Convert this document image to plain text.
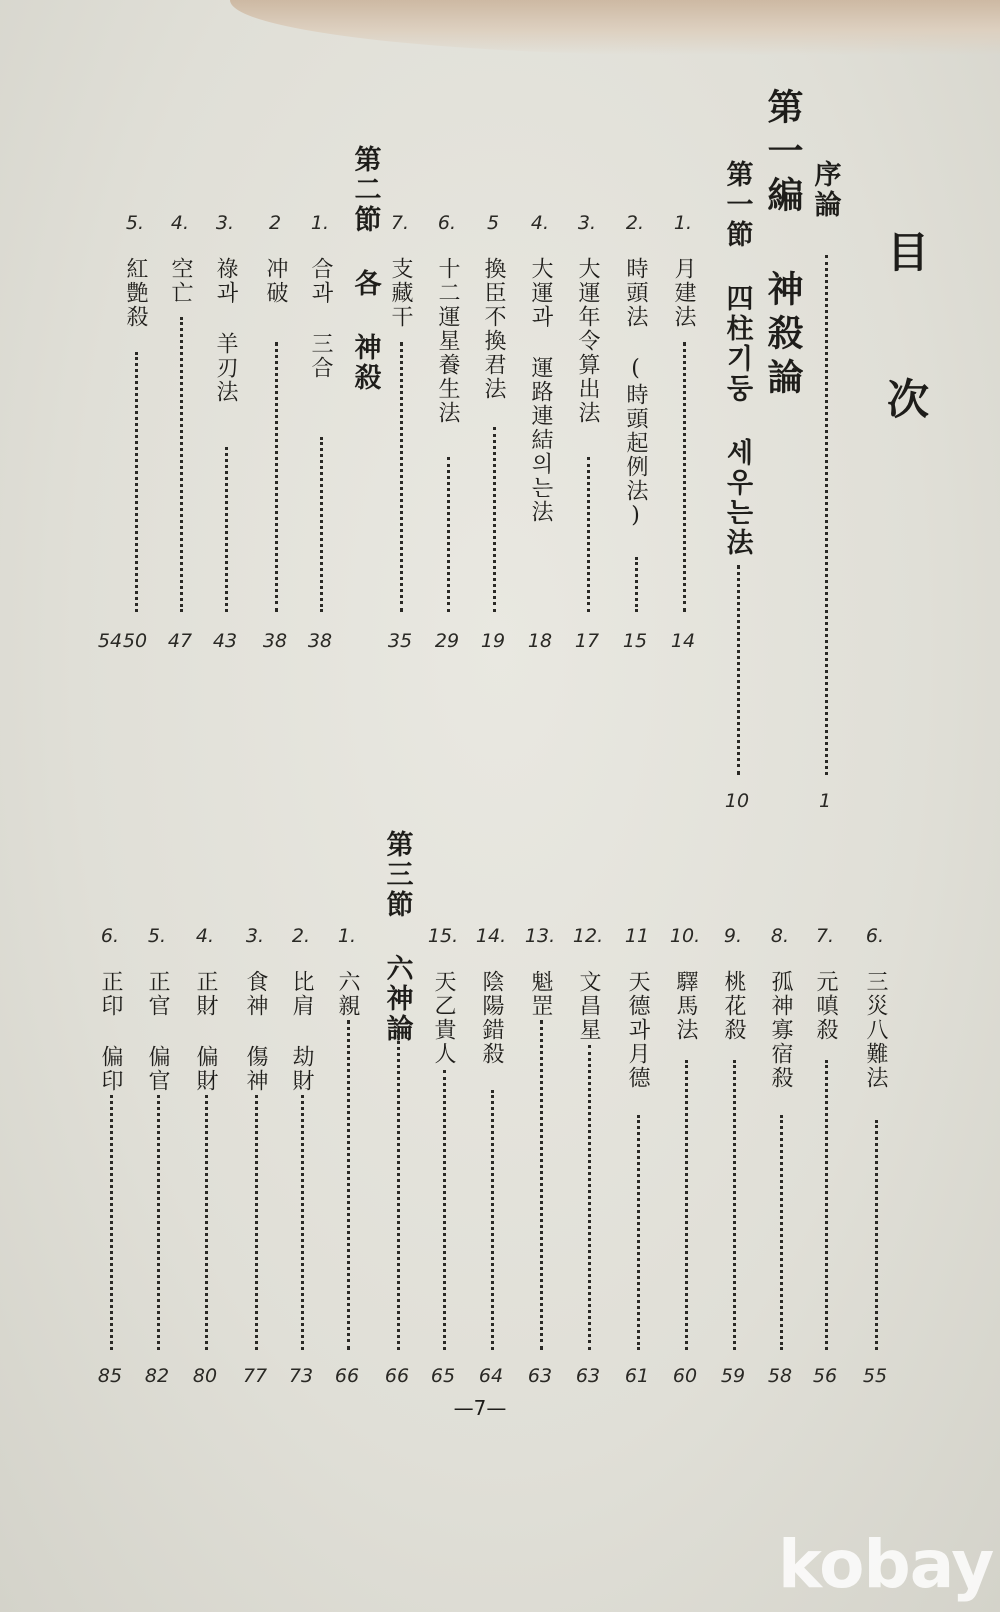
目 次
序論
1
第一編 神殺論
第一節 四柱기둥 세우는法
10
1.
月建法
14
2.
時頭法 (時頭起例法)
15
3.
大運年令算出法
17
4.
大運과 運路連結의는法
18
5
換臣不換君法
19
6.
十二運星養生法
29
7.
支藏干
35
第二節 各 神殺
1.
合과 三合
38
2
冲破
38
3.
祿과 羊刃法
43
4.
空亡
47
5.
紅艶殺
50
54
6.
三災八難法
55
7.
元嗔殺
56
8.
孤神寡宿殺
58
9.
桃花殺
59
10.
驛馬法
60
11
天德과月德
61
12.
文昌星
63
13.
魁罡
63
14.
陰陽錯殺
64
15.
天乙貴人
65
第三節 六神論
66
1.
六親
66
2.
比肩 劫財
73
3.
食神 傷神
77
4.
正財 偏財
80
5.
正官 偏官
82
6.
正印 偏印
85
—7—
kobay
